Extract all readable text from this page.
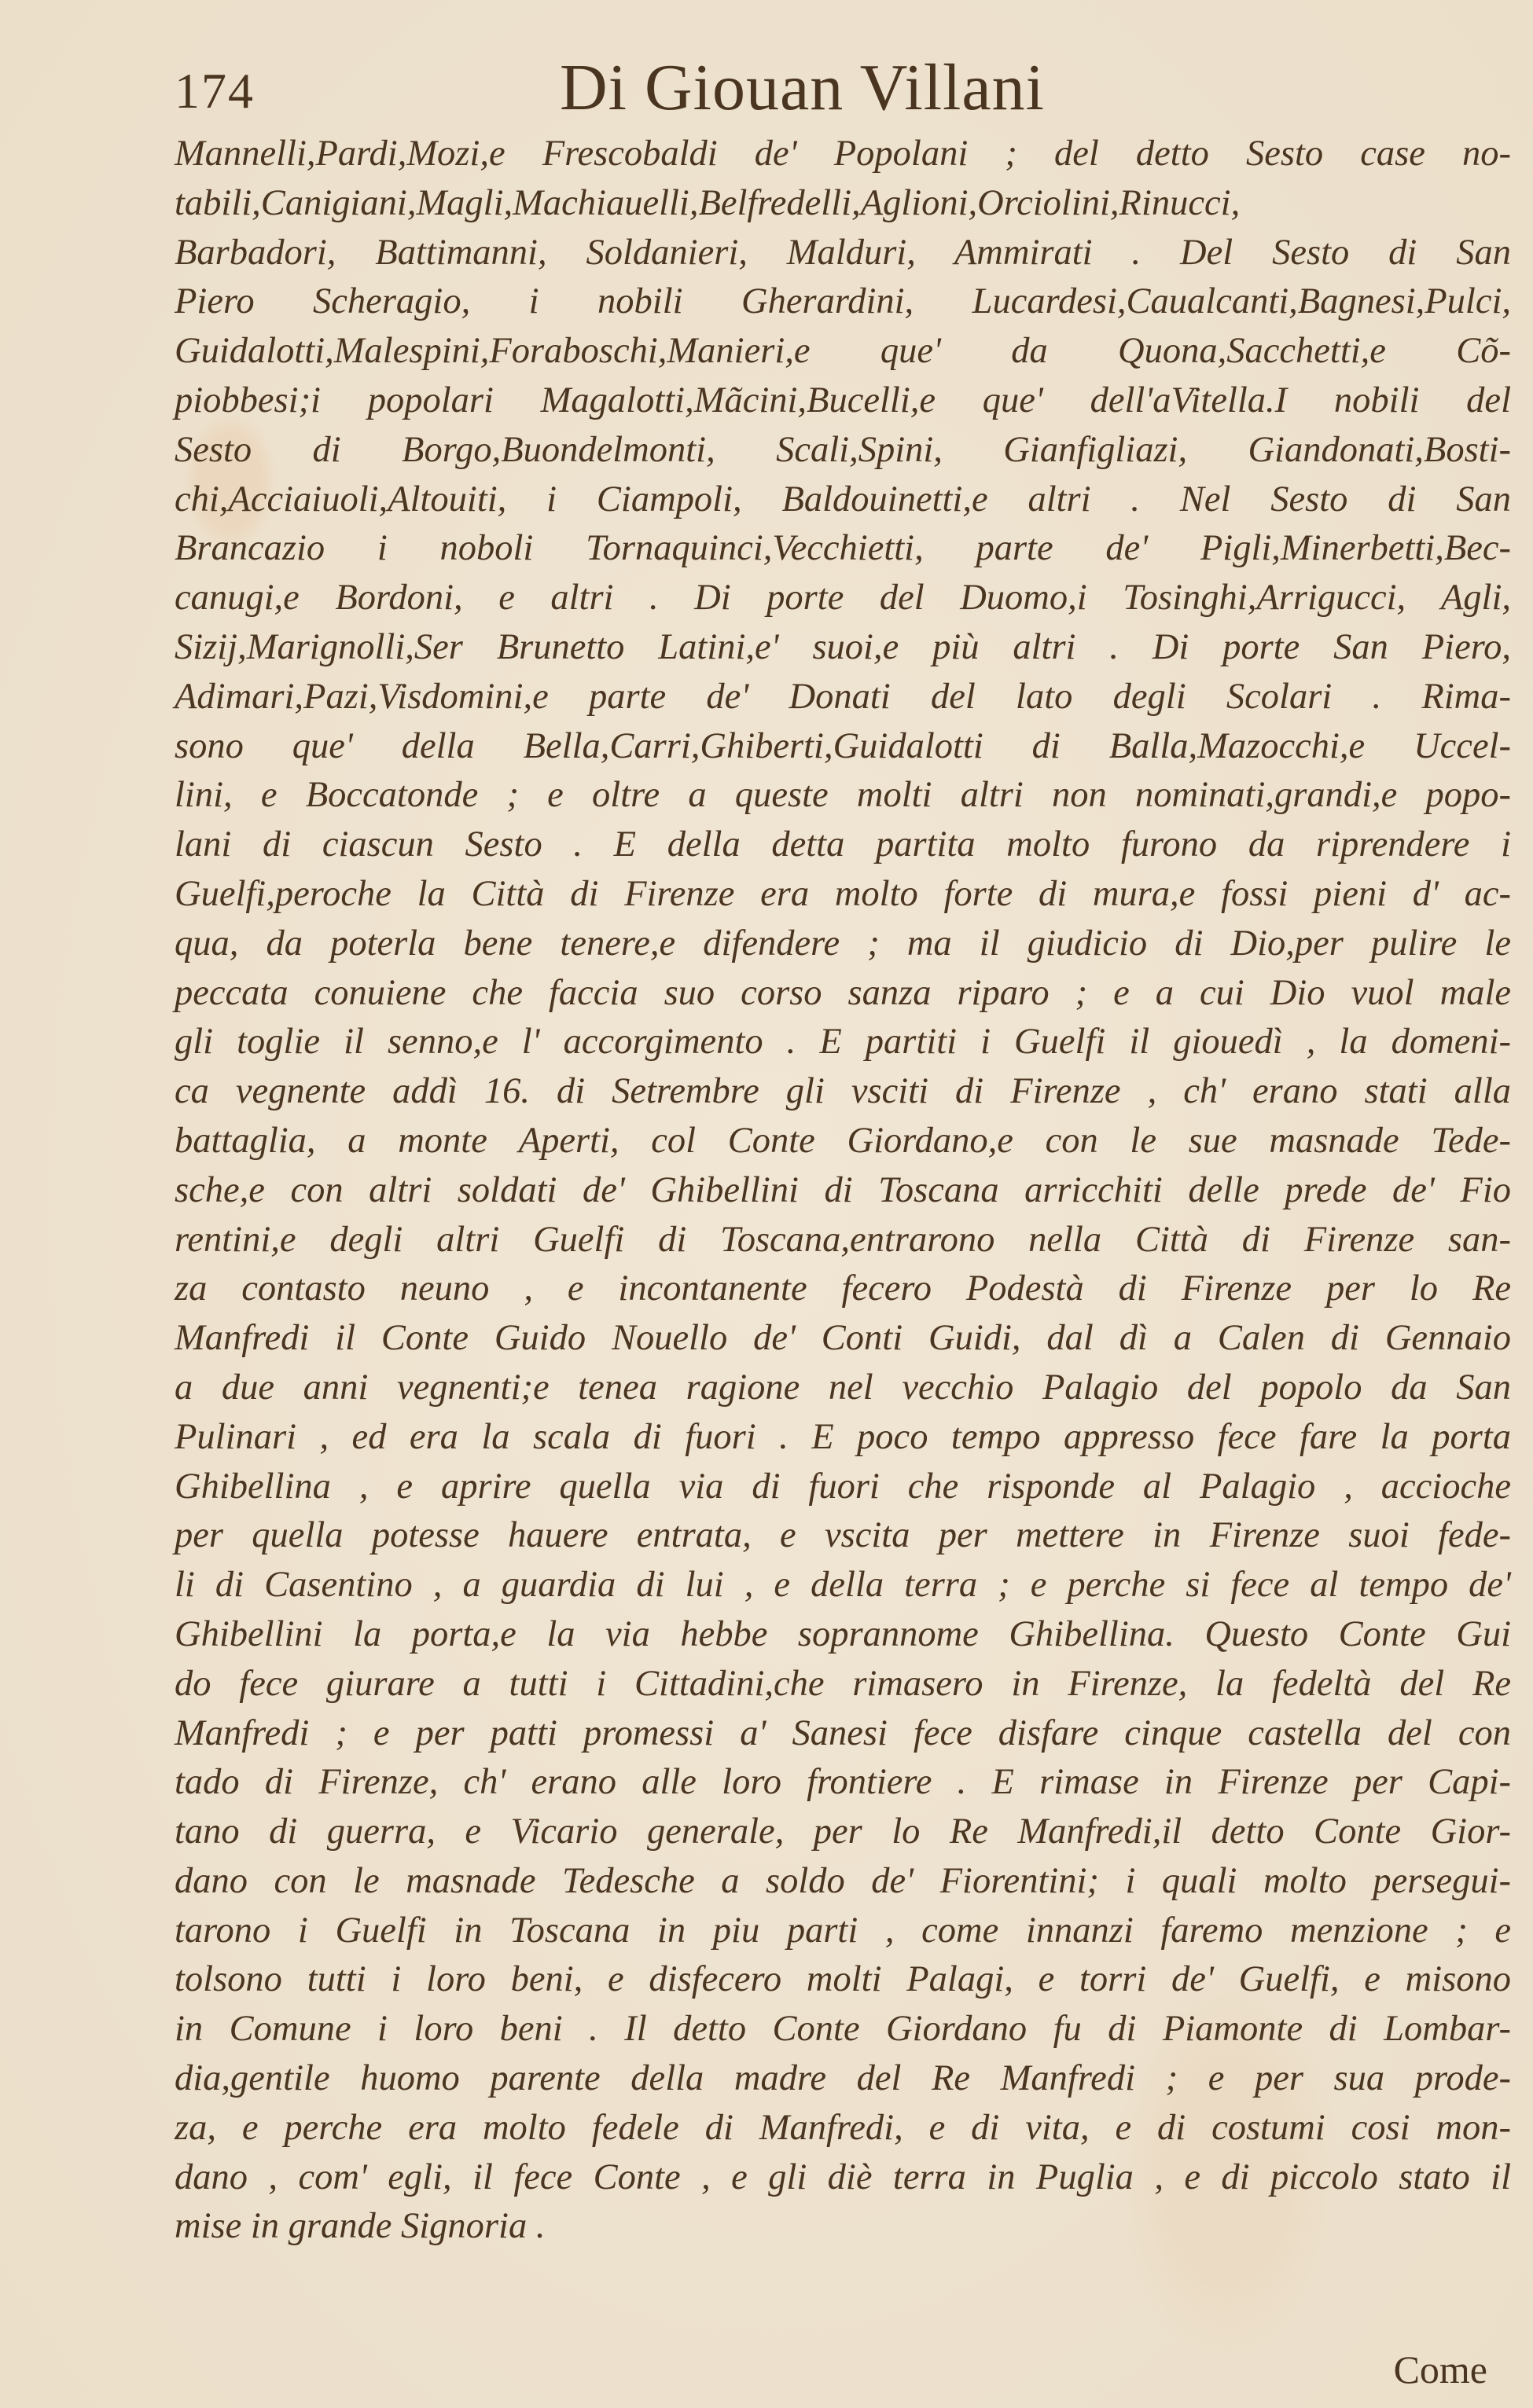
174	Di Giouan Villani
Mannelli,Pardi,Mozi,e Frescobaldi de' Popolani ; del detto Sesto case no-
tabili,Canigiani,Magli,Machiauelli,Belfredelli,Aglioni,Orciolini,Rinucci,
Barbadori, Battimanni, Soldanieri, Malduri, Ammirati . Del Sesto di San
Piero Scheragio, i nobili Gherardini, Lucardesi,Caualcanti,Bagnesi,Pulci,
Guidalotti,Malespini,Foraboschi,Manieri,e que' da Quona,Sacchetti,e Cõ-
piobbesi;i popolari Magalotti,Mãcini,Bucelli,e que' dell'aVitella.I nobili del
Sesto di Borgo,Buondelmonti, Scali,Spini, Gianfigliazi, Giandonati,Bosti-
chi,Acciaiuoli,Altouiti, i Ciampoli, Baldouinetti,e altri . Nel Sesto di San
Brancazio i noboli Tornaquinci,Vecchietti, parte de' Pigli,Minerbetti,Bec-
canugi,e Bordoni, e altri . Di porte del Duomo,i Tosinghi,Arrigucci, Agli,
Sizij,Marignolli,Ser Brunetto Latini,e' suoi,e più altri . Di porte San Piero,
Adimari,Pazi,Visdomini,e parte de' Donati del lato degli Scolari . Rima-
sono que' della Bella,Carri,Ghiberti,Guidalotti di Balla,Mazocchi,e Uccel-
lini, e Boccatonde ; e oltre a queste molti altri non nominati,grandi,e popo-
lani di ciascun Sesto . E della detta partita molto furono da riprendere i
Guelfi,peroche la Città di Firenze era molto forte di mura,e fossi pieni d' ac-
qua, da poterla bene tenere,e difendere ; ma il giudicio di Dio,per pulire le
peccata conuiene che faccia suo corso sanza riparo ; e a cui Dio vuol male
gli toglie il senno,e l' accorgimento . E partiti i Guelfi il giouedì , la domeni-
ca vegnente addì 16. di Setrembre gli vsciti di Firenze , ch' erano stati alla
battaglia, a monte Aperti, col Conte Giordano,e con le sue masnade Tede-
sche,e con altri soldati de' Ghibellini di Toscana arricchiti delle prede de' Fio
rentini,e degli altri Guelfi di Toscana,entrarono nella Città di Firenze san-
za contasto neuno , e incontanente fecero Podestà di Firenze per lo Re
Manfredi il Conte Guido Nouello de' Conti Guidi, dal dì a Calen di Gennaio
a due anni vegnenti;e tenea ragione nel vecchio Palagio del popolo da San
Pulinari , ed era la scala di fuori . E poco tempo appresso fece fare la porta
Ghibellina , e aprire quella via di fuori che risponde al Palagio , accioche
per quella potesse hauere entrata, e vscita per mettere in Firenze suoi fede-
li di Casentino , a guardia di lui , e della terra ; e perche si fece al tempo de'
Ghibellini la porta,e la via hebbe soprannome Ghibellina. Questo Conte Gui
do fece giurare a tutti i Cittadini,che rimasero in Firenze, la fedeltà del Re
Manfredi ; e per patti promessi a' Sanesi fece disfare cinque castella del con
tado di Firenze, ch' erano alle loro frontiere . E rimase in Firenze per Capi-
tano di guerra, e Vicario generale, per lo Re Manfredi,il detto Conte Gior-
dano con le masnade Tedesche a soldo de' Fiorentini; i quali molto persegui-
tarono i Guelfi in Toscana in piu parti , come innanzi faremo menzione ; e
tolsono tutti i loro beni, e disfecero molti Palagi, e torri de' Guelfi, e misono
in Comune i loro beni . Il detto Conte Giordano fu di Piamonte di Lombar-
dia,gentile huomo parente della madre del Re Manfredi ; e per sua prode-
za, e perche era molto fedele di Manfredi, e di vita, e di costumi cosi mon-
dano , com' egli, il fece Conte , e gli diè terra in Puglia , e di piccolo stato il
mise in grande Signoria .
Come
